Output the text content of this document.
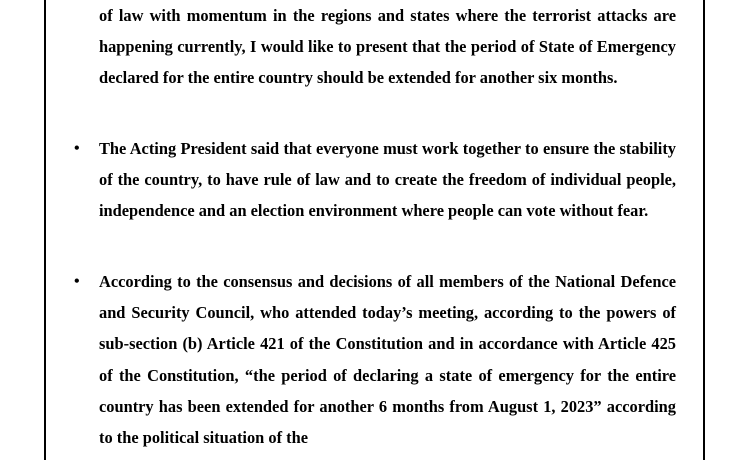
of law with momentum in the regions and states where the terrorist attacks are happening currently, I would like to present that the period of State of Emergency declared for the entire country should be extended for another six months.

• The Acting President said that everyone must work together to ensure the stability of the country, to have rule of law and to create the freedom of individual people, independence and an election environment where people can vote without fear.

• According to the consensus and decisions of all members of the National Defence and Security Council, who attended today’s meeting, according to the powers of sub-section (b) Article 421 of the Constitution and in accordance with Article 425 of the Constitution, “the period of declaring a state of emergency for the entire country has been extended for another 6 months from August 1, 2023” according to the political situation of the
